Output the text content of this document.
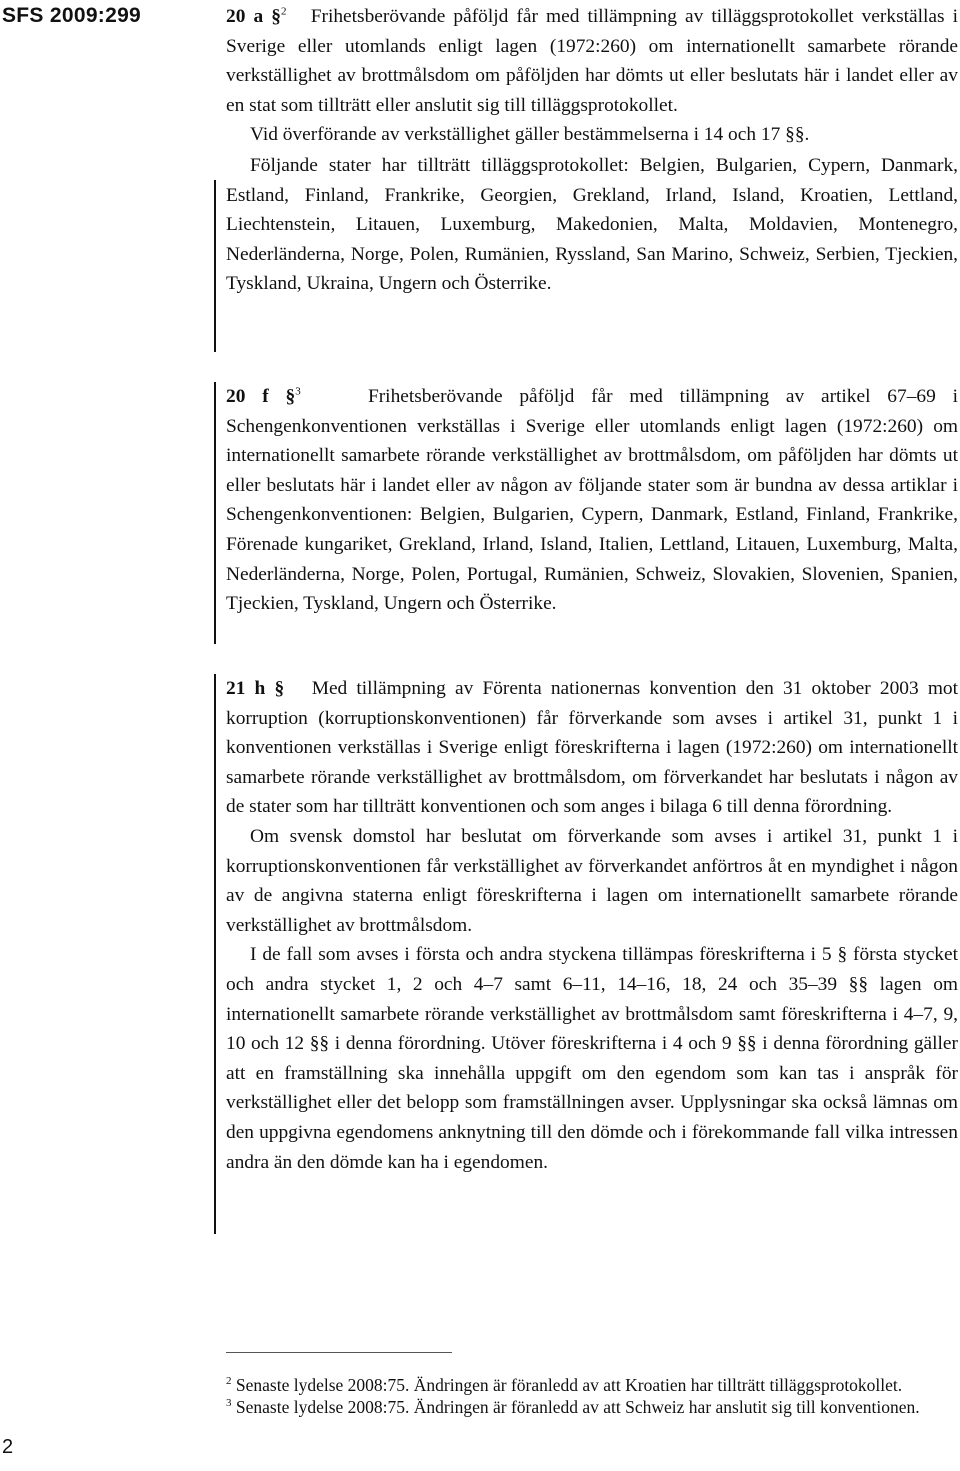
SFS 2009:299	20 a §$^2$ Frihetsberövande påföljd får med tillämpning av tilläggsprotokollet verkställas i Sverige eller utomlands enligt lagen (1972:260) om internationellt samarbete rörande verkställighet av brottmålsdom om påföljden har dömts ut eller beslutats här i landet eller av en stat som tillträtt eller anslutit sig till tilläggsprotokollet.

Vid överförande av verkställighet gäller bestämmelserna i 14 och 17 §§.

Följande stater har tillträtt tilläggsprotokollet: Belgien, Bulgarien, Cypern, Danmark, Estland, Finland, Frankrike, Georgien, Grekland, Irland, Island, Kroatien, Lettland, Liechtenstein, Litauen, Luxemburg, Makedonien, Malta, Moldavien, Montenegro, Nederländerna, Norge, Polen, Rumänien, Ryssland, San Marino, Schweiz, Serbien, Tjeckien, Tyskland, Ukraina, Ungern och Österrike.

20 f §$^3$	Frihetsberövande påföljd får med tillämpning av artikel 67–69 i Schengenkonventionen verkställas i Sverige eller utomlands enligt lagen (1972:260) om internationellt samarbete rörande verkställighet av brottmålsdom, om påföljden har dömts ut eller beslutats här i landet eller av någon av följande stater som är bundna av dessa artiklar i Schengenkonventionen: Belgien, Bulgarien, Cypern, Danmark, Estland, Finland, Frankrike, Förenade kungariket, Grekland, Irland, Island, Italien, Lettland, Litauen, Luxemburg, Malta, Nederländerna, Norge, Polen, Portugal, Rumänien, Schweiz, Slovakien, Slovenien, Spanien, Tjeckien, Tyskland, Ungern och Österrike.

21 h § Med tillämpning av Förenta nationernas konvention den 31 oktober 2003 mot korruption (korruptionskonventionen) får förverkande som avses i artikel 31, punkt 1 i konventionen verkställas i Sverige enligt föreskrifterna i lagen (1972:260) om internationellt samarbete rörande verkställighet av brottmålsdom, om förverkandet har beslutats i någon av de stater som har tillträtt konventionen och som anges i bilaga 6 till denna förordning.

Om svensk domstol har beslutat om förverkande som avses i artikel 31, punkt 1 i korruptionskonventionen får verkställighet av förverkandet anförtros åt en myndighet i någon av de angivna staterna enligt föreskrifterna i lagen om internationellt samarbete rörande verkställighet av brottmålsdom.

I de fall som avses i första och andra styckena tillämpas föreskrifterna i 5 § första stycket och andra stycket 1, 2 och 4–7 samt 6–11, 14–16, 18, 24 och 35–39 §§ lagen om internationellt samarbete rörande verkställighet av brottmålsdom samt föreskrifterna i 4–7, 9, 10 och 12 §§ i denna förordning. Utöver föreskrifterna i 4 och 9 §§ i denna förordning gäller att en framställning ska innehålla uppgift om den egendom som kan tas i anspråk för verkställighet eller det belopp som framställningen avser. Upplysningar ska också lämnas om den uppgivna egendomens anknytning till den dömde och i förekommande fall vilka intressen andra än den dömde kan ha i egendomen.

$^2$ Senaste lydelse 2008:75. Ändringen är föranledd av att Kroatien har tillträtt tilläggsprotokollet.

$^3$ Senaste lydelse 2008:75. Ändringen är föranledd av att Schweiz har anslutit sig till konventionen.

2
